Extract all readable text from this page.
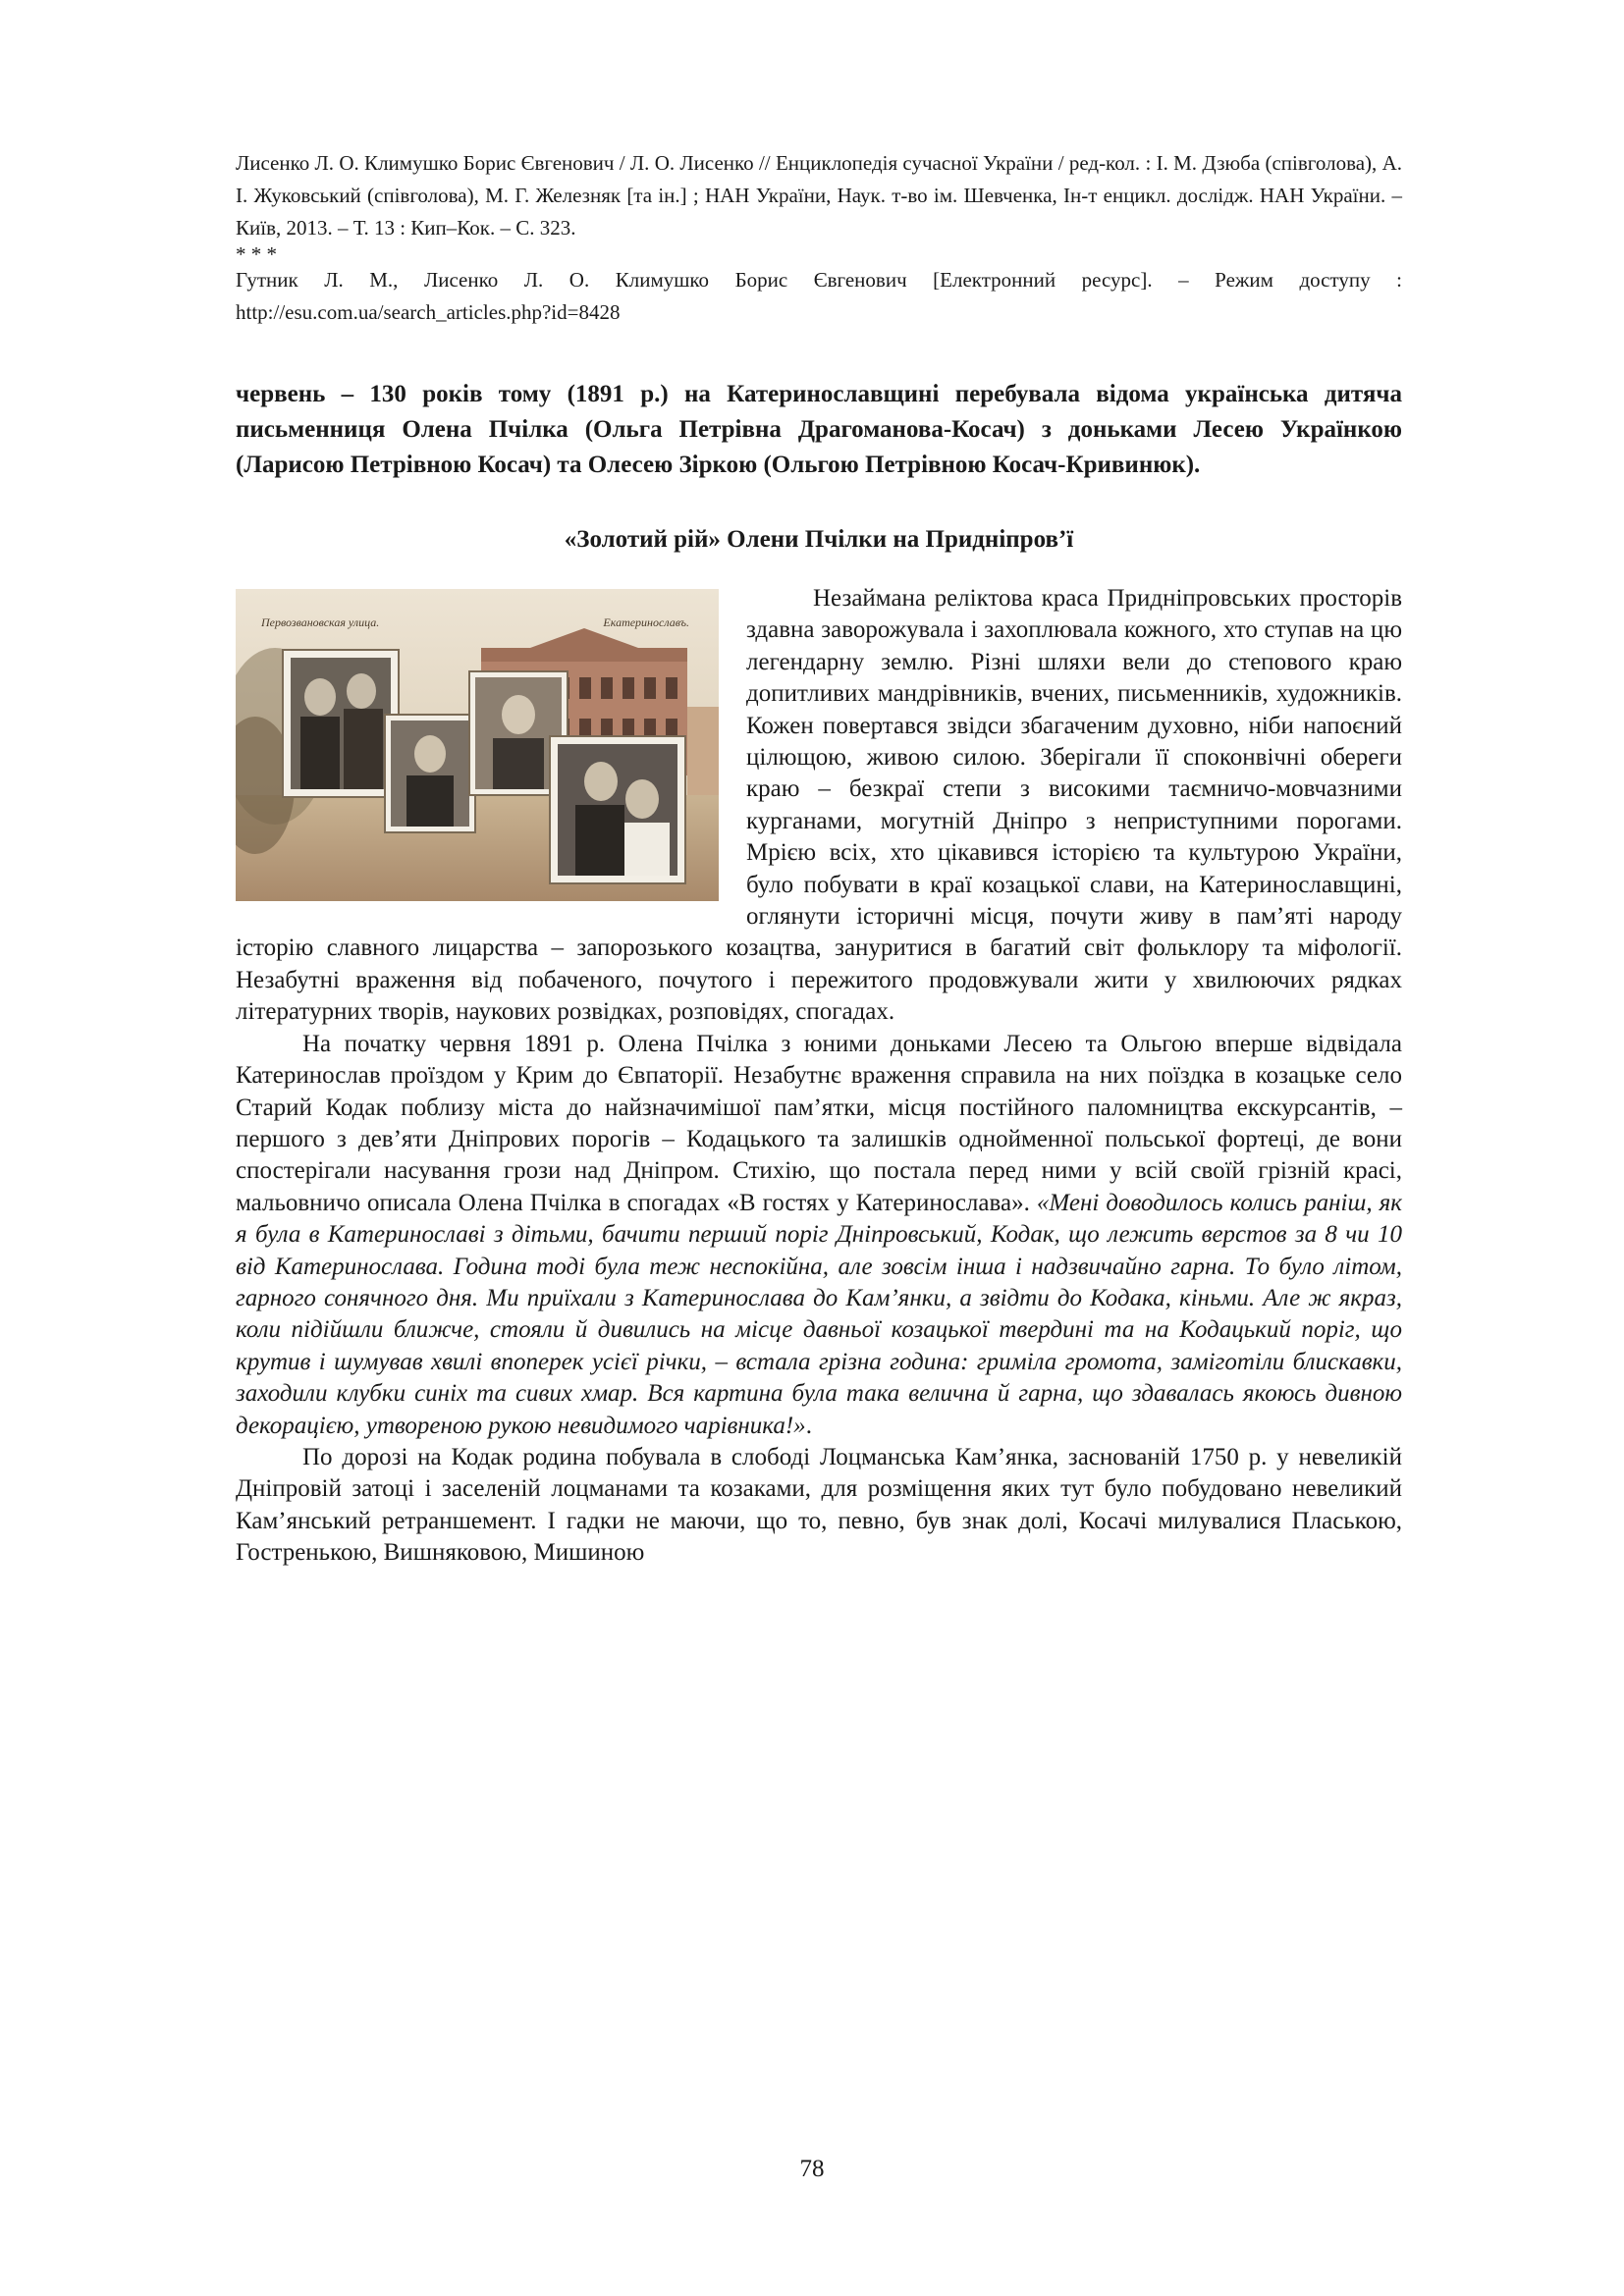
Лисенко Л. О. Климушко Борис Євгенович / Л. О. Лисенко // Енциклопедія сучасної України / ред-кол. : І. М. Дзюба (співголова), А. І. Жуковський (співголова), М. Г. Железняк [та ін.] ; НАН України, Наук. т-во ім. Шевченка, Ін-т енцикл. дослідж. НАН України. – Київ, 2013. – Т. 13 : Кип–Кок. – С. 323.

* * *

Гутник Л. М., Лисенко Л. О. Климушко Борис Євгенович [Електронний ресурс]. – Режим доступу : http://esu.com.ua/search_articles.php?id=8428

червень – 130 років тому (1891 р.) на Катеринославщині перебувала відома українська дитяча письменниця Олена Пчілка (Ольга Петрівна Драгоманова-Косач) з доньками Лесею Українкою (Ларисою Петрівною Косач) та Олесею Зіркою (Ольгою Петрівною Косач-Кривинюк).
«Золотий рій» Олени Пчілки на Придніпров’ї
Первозвановская улица.	Екатеринославъ.

Незаймана реліктова краса Придніпровських просторів здавна заворожувала і захоплювала кожного, хто ступав на цю легендарну землю. Різні шляхи вели до степового краю допитливих мандрівників, вчених, письменників, художників. Кожен повертався звідси збагаченим духовно, ніби напоєний цілющою, живою силою. Зберігали її споконвічні обереги краю – безкраї степи з високими таємничо-мовчазними курганами, могутній Дніпро з неприступними порогами. Мрією всіх, хто цікавився історією та культурою України, було побувати в краї козацької слави, на Катеринославщині, оглянути історичні місця, почути живу в пам’яті народу історію славного лицарства – запорозького козацтва, зануритися в багатий світ фольклору та міфології. Незабутні враження від побаченого, почутого і пережитого продовжували жити у хвилюючих рядках літературних творів, наукових розвідках, розповідях, спогадах.

На початку червня 1891 р. Олена Пчілка з юними доньками Лесею та Ольгою вперше відвідала Катеринослав проїздом у Крим до Євпаторії. Незабутнє враження справила на них поїздка в козацьке село Старий Кодак поблизу міста до найзначимішої пам’ятки, місця постійного паломництва екскурсантів, – першого з дев’яти Дніпрових порогів – Кодацького та залишків однойменної польської фортеці, де вони спостерігали насування грози над Дніпром. Стихію, що постала перед ними у всій своїй грізній красі, мальовничо описала Олена Пчілка в спогадах «В гостях у Катеринослава». «Мені доводилось колись раніш, як я була в Катеринославі з дітьми, бачити перший поріг Дніпровський, Кодак, що лежить верстов за 8 чи 10 від Катеринослава. Година тоді була теж неспокійна, але зовсім інша і надзвичайно гарна. То було літом, гарного сонячного дня. Ми приїхали з Катеринослава до Кам’янки, а звідти до Кодака, кіньми. Але ж якраз, коли підійшли ближче, стояли й дивились на місце давньої козацької твердині та на Кодацький поріг, що крутив і шумував хвилі впоперек усієї річки, – встала грізна година: гриміла громота, заміготіли блискавки, заходили клубки синіх та сивих хмар. Вся картина була така велична й гарна, що здавалась якоюсь дивною декорацією, утвореною рукою невидимого чарівника!».

По дорозі на Кодак родина побувала в слободі Лоцманська Кам’янка, заснованій 1750 р. у невеликій Дніпровій затоці і заселеній лоцманами та козаками, для розміщення яких тут було побудовано невеликий Кам’янський ретраншемент. І гадки не маючи, що то, певно, був знак долі, Косачі милувалися Плаською, Гостренькою, Вишняковою, Мишиною

78
